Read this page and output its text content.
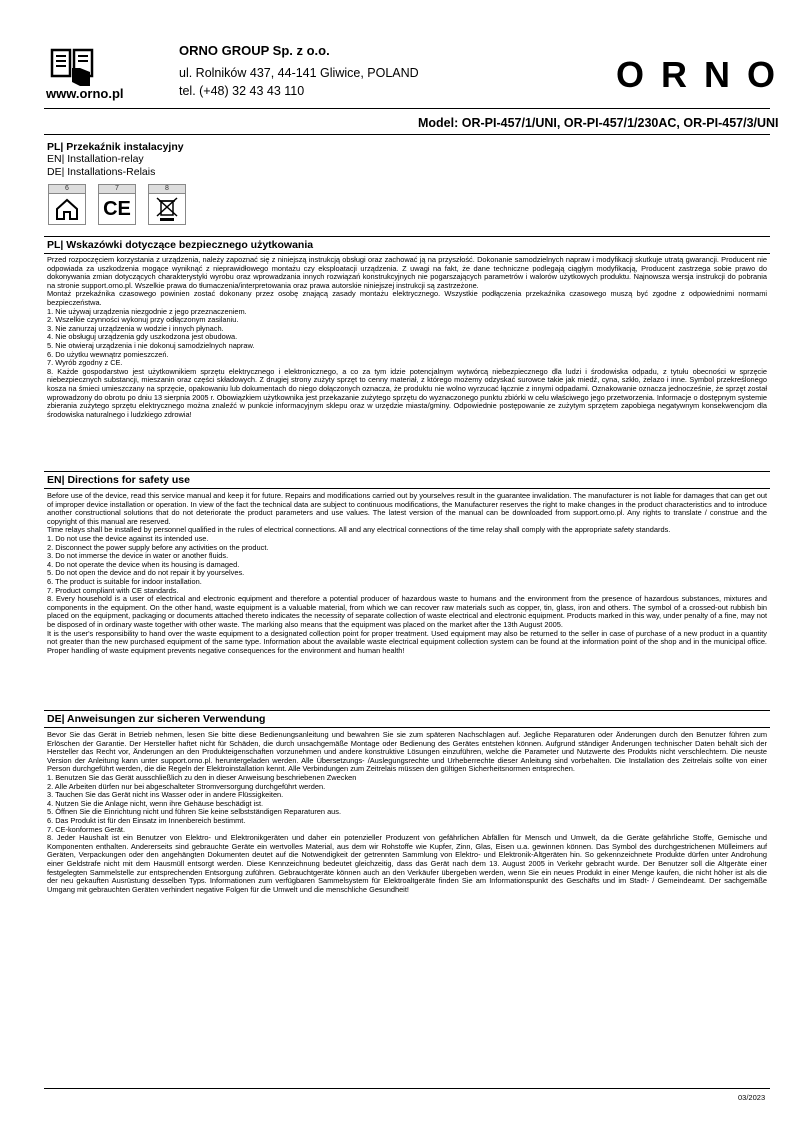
www.orno.pl
ORNO GROUP Sp. z o.o.
ul. Rolników 437, 44-141 Gliwice, POLAND
tel. (+48) 32 43 43 110	ORNO
Model: OR-PI-457/1/UNI, OR-PI-457/1/230AC, OR-PI-457/3/UNI
PL| Przekaźnik instalacyjny
EN| Installation-relay
DE| Installations-Relais
6	7
CE
8
PL| Wskazówki dotyczące bezpiecznego użytkowania
Przed rozpoczęciem korzystania z urządzenia, należy zapoznać się z niniejszą instrukcją obsługi oraz zachować ją na przyszłość. Dokonanie samodzielnych napraw i modyfikacji skutkuje utratą gwarancji. Producent nie odpowiada za uszkodzenia mogące wyniknąć z nieprawidłowego montażu czy eksploatacji urządzenia. Z uwagi na fakt, że dane techniczne podlegają ciągłym modyfikacją, Producent zastrzega sobie prawo do dokonywania zmian dotyczących charakterystyki wyrobu oraz wprowadzania innych rozwiązań konstrukcyjnych nie pogarszających parametrów i walorów użytkowych produktu. Najnowsza wersja instrukcji do pobrania na stronie support.orno.pl. Wszelkie prawa do tłumaczenia/interpretowania oraz prawa autorskie niniejszej instrukcji są zastrzeżone.
Montaż przekaźnika czasowego powinien zostać dokonany przez osobę znającą zasady montażu elektrycznego. Wszystkie podłączenia przekaźnika czasowego muszą być zgodne z odpowiednimi normami bezpieczeństwa.
1. Nie używaj urządzenia niezgodnie z jego przeznaczeniem.
2. Wszelkie czynności wykonuj przy odłączonym zasilaniu.
3. Nie zanurzaj urządzenia w wodzie i innych płynach.
4. Nie obsługuj urządzenia gdy uszkodzona jest obudowa.
5. Nie otwieraj urządzenia i nie dokonuj samodzielnych napraw.
6. Do użytku wewnątrz pomieszczeń.
7. Wyrób zgodny z CE.
8. Każde gospodarstwo jest użytkownikiem sprzętu elektrycznego i elektronicznego, a co za tym idzie potencjalnym wytwórcą niebezpiecznego dla ludzi i środowiska odpadu, z tytułu obecności w sprzęcie niebezpiecznych substancji, mieszanin oraz części składowych. Z drugiej strony zużyty sprzęt to cenny materiał, z którego możemy odzyskać surowce takie jak miedź, cyna, szkło, żelazo i inne. Symbol przekreślonego kosza na śmieci umieszczany na sprzęcie, opakowaniu lub dokumentach do niego dołączonych oznacza, że produktu nie wolno wyrzucać łącznie z innymi odpadami. Oznakowanie oznacza jednocześnie, że sprzęt został wprowadzony do obrotu po dniu 13 sierpnia 2005 r. Obowiązkiem użytkownika jest przekazanie zużytego sprzętu do wyznaczonego punktu zbiórki w celu właściwego jego przetworzenia. Informacje o dostępnym systemie zbierania zużytego sprzętu elektrycznego można znaleźć w punkcie informacyjnym sklepu oraz w urzędzie miasta/gminy. Odpowiednie postępowanie ze zużytym sprzętem zapobiega negatywnym konsekwencjom dla środowiska naturalnego i ludzkiego zdrowia!
EN| Directions for safety use
Before use of the device, read this service manual and keep it for future. Repairs and modifications carried out by yourselves result in the guarantee invalidation. The manufacturer is not liable for damages that can get out of improper device installation or operation. In view of the fact the technical data are subject to continuous modifications, the Manufacturer reserves the right to make changes in the product characteristics and to introduce another constructional solutions that do not deteriorate the product parameters and use values. The latest version of the manual can be downloaded from support.orno.pl. Any rights to translate / construe and the copyright of this manual are reserved.
Time relays shall be installed by personnel qualified in the rules of electrical connections. All and any electrical connections of the time relay shall comply with the appropriate safety standards.
1. Do not use the device against its intended use.
2. Disconnect the power supply before any activities on the product.
3. Do not immerse the device in water or another fluids.
4. Do not operate the device when its housing is damaged.
5. Do not open the device and do not repair it by yourselves.
6. The product is suitable for indoor installation.
7. Product compliant with CE standards.
8. Every household is a user of electrical and electronic equipment and therefore a potential producer of hazardous waste to humans and the environment from the presence of hazardous substances, mixtures and components in the equipment. On the other hand, waste equipment is a valuable material, from which we can recover raw materials such as copper, tin, glass, iron and others. The symbol of a crossed-out rubbish bin placed on the equipment, packaging or documents attached thereto indicates the necessity of separate collection of waste electrical and electronic equipment. Products marked in this way, under penalty of a fine, may not be disposed of in ordinary waste together with other waste. The marking also means that the equipment was placed on the market after the 13th August 2005.
It is the user's responsibility to hand over the waste equipment to a designated collection point for proper treatment. Used equipment may also be returned to the seller in case of purchase of a new product in a quantity not greater than the new purchased equipment of the same type. Information about the available waste electrical equipment collection system can be found at the information point of the shop and in the municipal office. Proper handling of waste equipment prevents negative consequences for the environment and human health!
DE| Anweisungen zur sicheren Verwendung
Bevor Sie das Gerät in Betrieb nehmen, lesen Sie bitte diese Bedienungsanleitung und bewahren Sie sie zum späteren Nachschlagen auf. Jegliche Reparaturen oder Änderungen durch den Benutzer führen zum Erlöschen der Garantie. Der Hersteller haftet nicht für Schäden, die durch unsachgemäße Montage oder Bedienung des Gerätes entstehen können. Aufgrund ständiger Änderungen technischer Daten behält sich der Hersteller das Recht vor, Änderungen an den Produkteigenschaften vorzunehmen und andere konstruktive Lösungen einzuführen, welche die Parameter und Nutzwerte des Produkts nicht verschlechtern. Die neuste Version der Anleitung kann unter support.orno.pl. heruntergeladen werden. Alle Übersetzungs- /Auslegungsrechte und Urheberrechte dieser Anleitung sind vorbehalten. Die Installation des Zeitrelais sollte von einer Person durchgeführt werden, die die Regeln der Elektroinstallation kennt. Alle Verbindungen zum Zeitrelais müssen den gültigen Sicherheitsnormen entsprechen.
1. Benutzen Sie das Gerät ausschließlich zu den in dieser Anweisung beschriebenen Zwecken
2. Alle Arbeiten dürfen nur bei abgeschalteter Stromversorgung durchgeführt werden.
3. Tauchen Sie das Gerät nicht ins Wasser oder in andere Flüssigkeiten.
4. Nutzen Sie die Anlage nicht, wenn ihre Gehäuse beschädigt ist.
5. Öffnen Sie die Einrichtung nicht und führen Sie keine selbstständigen Reparaturen aus.
6. Das Produkt ist für den Einsatz im Innenbereich bestimmt.
7. CE-konformes Gerät.
8. Jeder Haushalt ist ein Benutzer von Elektro- und Elektronikgeräten und daher ein potenzieller Produzent von gefährlichen Abfällen für Mensch und Umwelt, da die Geräte gefährliche Stoffe, Gemische und Komponenten enthalten. Andererseits sind gebrauchte Geräte ein wertvolles Material, aus dem wir Rohstoffe wie Kupfer, Zinn, Glas, Eisen u.a. gewinnen können. Das Symbol des durchgestrichenen Mülleimers auf Geräten, Verpackungen oder den angehängten Dokumenten deutet auf die Notwendigkeit der getrennten Sammlung von Elektro- und Elektronik-Altgeräten hin. So gekennzeichnete Produkte dürfen unter Androhung einer Geldstrafe nicht mit dem Hausmüll entsorgt werden. Diese Kennzeichnung bedeutet gleichzeitig, dass das Gerät nach dem 13. August 2005 in Verkehr gebracht wurde. Der Benutzer soll die Altgeräte einer festgelegten Sammelstelle zur entsprechenden Entsorgung zuführen. Gebrauchtgeräte können auch an den Verkäufer übergeben werden, wenn Sie ein neues Produkt in einer Menge kaufen, die nicht höher ist als die der neu gekauften Ausrüstung desselben Typs. Informationen zum verfügbaren Sammelsystem für Elektroaltgeräte finden Sie am Informationspunkt des Geschäfts und im Stadt- / Gemeindeamt. Der sachgemäße Umgang mit gebrauchten Geräten verhindert negative Folgen für die Umwelt und die menschliche Gesundheit!
03/2023
